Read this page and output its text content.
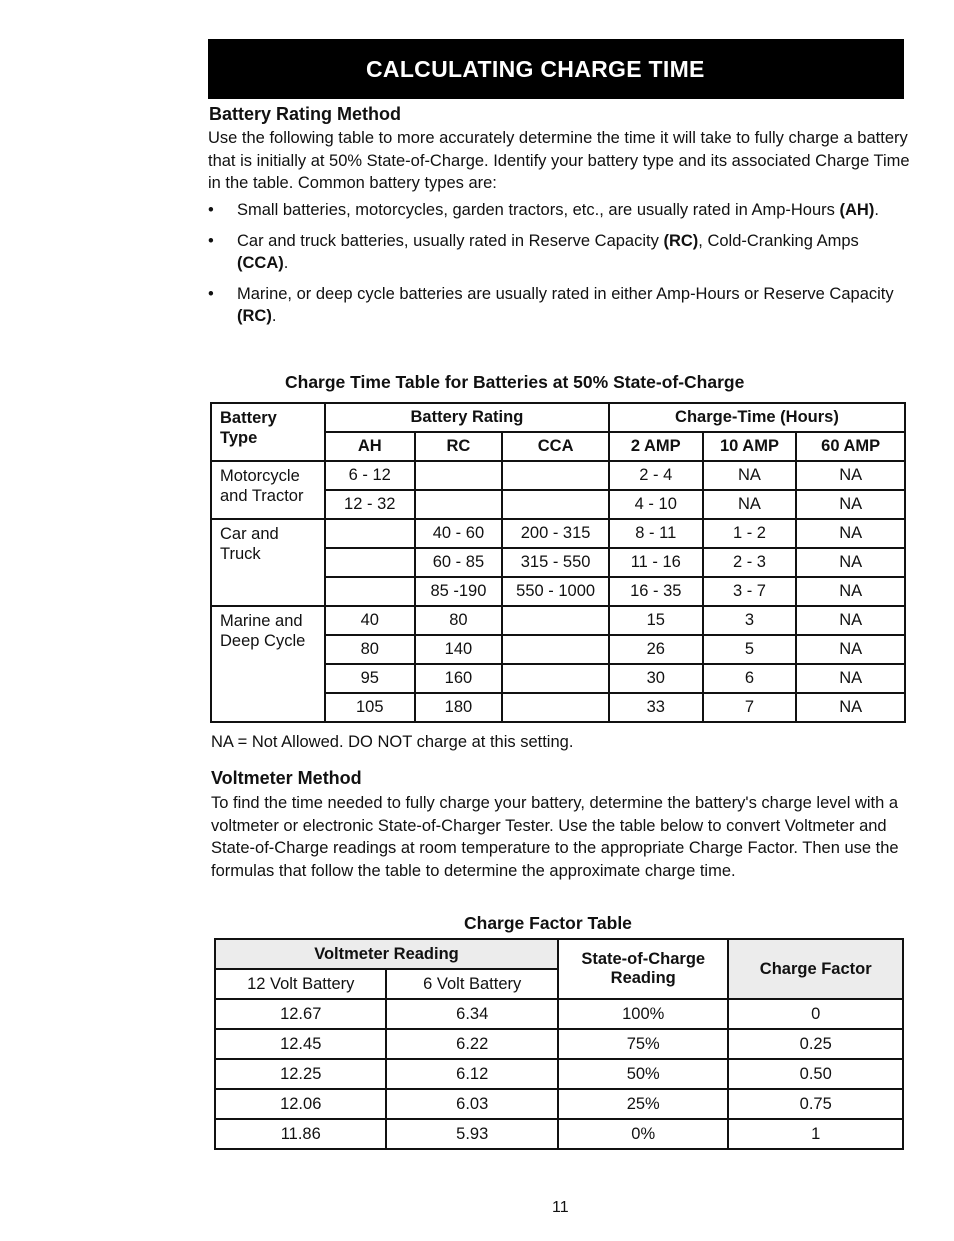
CALCULATING CHARGE TIME
Battery Rating Method
Use the following table to more accurately determine the time it will take to fully charge a battery that is initially at 50% State-of-Charge. Identify your battery type and its associated Charge Time in the table. Common battery types are:
• Small batteries, motorcycles, garden tractors, etc., are usually rated in Amp-Hours (AH).
• Car and truck batteries, usually rated in Reserve Capacity (RC), Cold-Cranking Amps (CCA).
• Marine, or deep cycle batteries are usually rated in either Amp-Hours or Reserve Capacity (RC).
Charge Time Table for Batteries at 50% State-of-Charge
Battery Type	Battery Rating			Charge-Time (Hours)		
	AH	RC	CCA	2 AMP	10 AMP	60 AMP
Motorcycle and Tractor	6 - 12			2 - 4	NA	NA
	12 - 32			4 - 10	NA	NA
Car and Truck		40 - 60	200 - 315	8 - 11	1 - 2	NA
		60 - 85	315 - 550	11 - 16	2 - 3	NA
		85 -190	550 - 1000	16 - 35	3 - 7	NA
Marine and Deep Cycle	40	80		15	3	NA
	80	140		26	5	NA
	95	160		30	6	NA
	105	180		33	7	NA
NA = Not Allowed. DO NOT charge at this setting.
Voltmeter Method
To find the time needed to fully charge your battery, determine the battery's charge level with a voltmeter or electronic State-of-Charger Tester. Use the table below to convert Voltmeter and State-of-Charge readings at room temperature to the appropriate Charge Factor. Then use the formulas that follow the table to determine the approximate charge time.
Charge Factor Table
Voltmeter Reading		State-of-Charge Reading	Charge Factor
12 Volt Battery	6 Volt Battery		
12.67	6.34	100%	0
12.45	6.22	75%	0.25
12.25	6.12	50%	0.50
12.06	6.03	25%	0.75
11.86	5.93	0%	1
11
